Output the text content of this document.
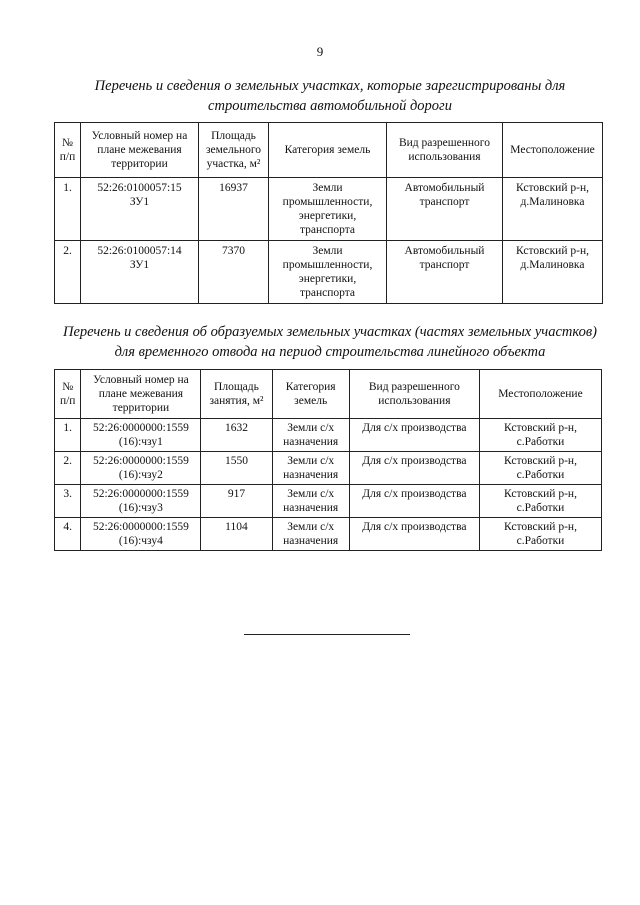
9
Перечень и сведения о земельных участках, которые зарегистрированы для
строительства автомобильной дороги
№
п/п	Условный номер на
плане межевания
территории	Площадь
земельного
участка, м²	Категория земель	Вид разрешенного
использования	Местоположение

1.	52:26:0100057:15
ЗУ1	16937	Земли
промышленности,
энергетики,
транспорта	Автомобильный
транспорт	Кстовский р-н,
д.Малиновка

2.	52:26:0100057:14
ЗУ1	7370	Земли
промышленности,
энергетики,
транспорта	Автомобильный
транспорт	Кстовский р-н,
д.Малиновка
Перечень и сведения об образуемых земельных участках (частях земельных участков)
для временного отвода на период строительства линейного объекта
№
п/п	Условный номер на
плане межевания
территории	Площадь
занятия, м²	Категория
земель	Вид разрешенного
использования	Местоположение

1.	52:26:0000000:1559
(16):чзу1	1632	Земли с/х
назначения	Для с/х производства	Кстовский р-н,
с.Работки

2.	52:26:0000000:1559
(16):чзу2	1550	Земли с/х
назначения	Для с/х производства	Кстовский р-н,
с.Работки

3.	52:26:0000000:1559
(16):чзу3	917	Земли с/х
назначения	Для с/х производства	Кстовский р-н,
с.Работки

4.	52:26:0000000:1559
(16):чзу4	1104	Земли с/х
назначения	Для с/х производства	Кстовский р-н,
с.Работки
